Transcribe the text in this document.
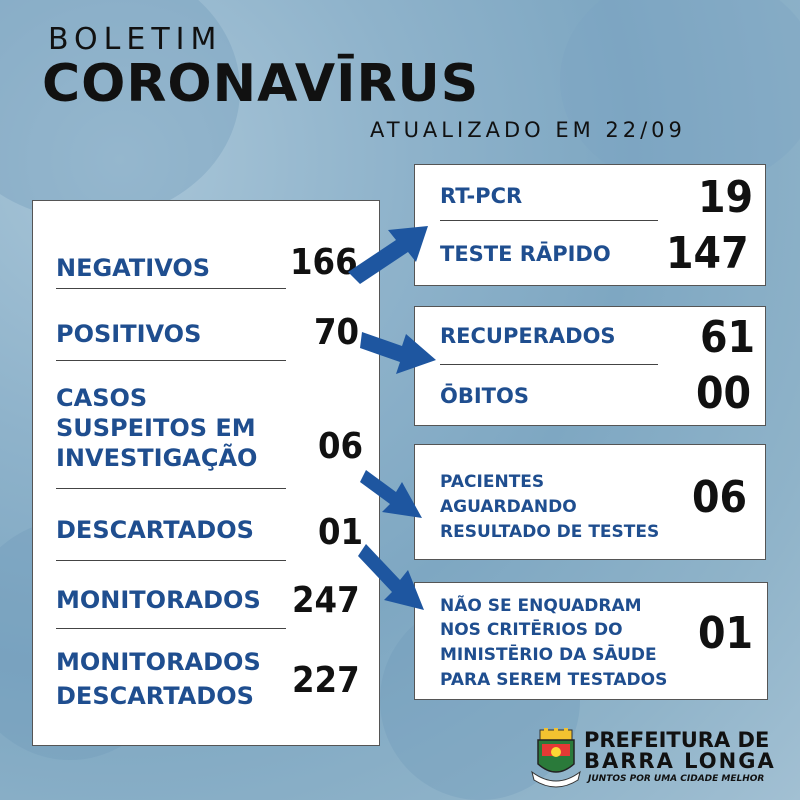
BOLETIM
CORONAVĪRUS
ATUALIZADO EM 22/09
NEGATIVOS 166
POSITIVOS	70
CASOS
SUSPEITOS EM
INVESTIGAÇÃO 06
DESCARTADOS 01
MONITORADOS 247
MONITORADOS
DESCARTADOS 227
RT-PCR	19
TESTE RĀPIDO 147
RECUPERADOS 61
ŌBITOS	00
PACIENTES
AGUARDANDO
RESULTADO DE TESTES
06
NÃO SE ENQUADRAM
NOS CRITĒRIOS DO
MINISTĒRIO DA SĀUDE
PARA SEREM TESTADOS
01
PREFEITURA DE
BARRA LONGA
JUNTOS POR UMA CIDADE MELHOR
